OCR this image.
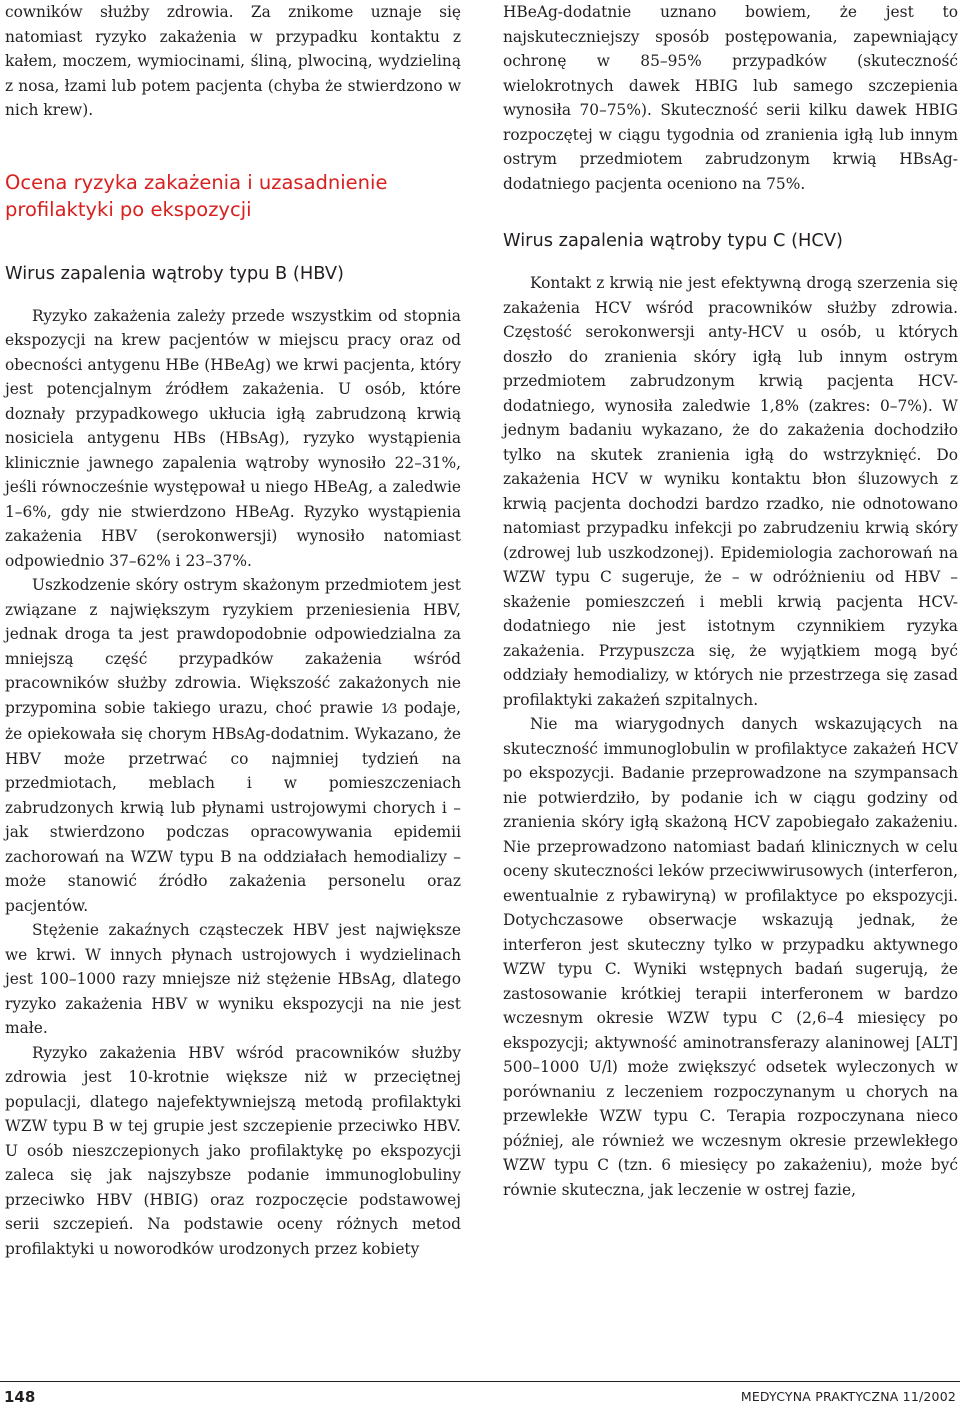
cowników służby zdrowia. Za znikome uznaje się natomiast ryzyko zakażenia w przypadku kontaktu z kałem, moczem, wymiocinami, śliną, plwociną, wydzieliną z nosa, łzami lub potem pacjenta (chyba że stwierdzono w nich krew).

Ocena ryzyka zakażenia i uzasadnienie profilaktyki po ekspozycji
Wirus zapalenia wątroby typu B (HBV)

Ryzyko zakażenia zależy przede wszystkim od stopnia ekspozycji na krew pacjentów w miejscu pracy oraz od obecności antygenu HBe (HBeAg) we krwi pacjenta, który jest potencjalnym źródłem zakażenia. U osób, które doznały przypadkowego ukłucia igłą zabrudzoną krwią nosiciela antygenu HBs (HBsAg), ryzyko wystąpienia klinicznie jawnego zapalenia wątroby wynosiło 22–31%, jeśli równocześnie występował u niego HBeAg, a zaledwie 1–6%, gdy nie stwierdzono HBeAg. Ryzyko wystąpienia zakażenia HBV (serokonwersji) wynosiło natomiast odpowiednio 37–62% i 23–37%.

Uszkodzenie skóry ostrym skażonym przedmiotem jest związane z największym ryzykiem przeniesienia HBV, jednak droga ta jest prawdopodobnie odpowiedzialna za mniejszą część przypadków zakażenia wśród pracowników służby zdrowia. Większość zakażonych nie przypomina sobie takiego urazu, choć prawie 1⁄3 podaje, że opiekowała się chorym HBsAg-dodatnim. Wykazano, że HBV może przetrwać co najmniej tydzień na przedmiotach, meblach i w pomieszczeniach zabrudzonych krwią lub płynami ustrojowymi chorych i – jak stwierdzono podczas opracowywania epidemii zachorowań na WZW typu B na oddziałach hemodializy – może stanowić źródło zakażenia personelu oraz pacjentów.

Stężenie zakaźnych cząsteczek HBV jest największe we krwi. W innych płynach ustrojowych i wydzielinach jest 100–1000 razy mniejsze niż stężenie HBsAg, dlatego ryzyko zakażenia HBV w wyniku ekspozycji na nie jest małe.

Ryzyko zakażenia HBV wśród pracowników służby zdrowia jest 10-krotnie większe niż w przeciętnej populacji, dlatego najefektywniejszą metodą profilaktyki WZW typu B w tej grupie jest szczepienie przeciwko HBV. U osób nieszczepionych jako profilaktykę po ekspozycji zaleca się jak najszybsze podanie immunoglobuliny przeciwko HBV (HBIG) oraz rozpoczęcie podstawowej serii szczepień. Na podstawie oceny różnych metod profilaktyki u noworodków urodzonych przez kobiety

HBeAg-dodatnie uznano bowiem, że jest to najskuteczniejszy sposób postępowania, zapewniający ochronę w 85–95% przypadków (skuteczność wielokrotnych dawek HBIG lub samego szczepienia wynosiła 70–75%). Skuteczność serii kilku dawek HBIG rozpoczętej w ciągu tygodnia od zranienia igłą lub innym ostrym przedmiotem zabrudzonym krwią HBsAg-dodatniego pacjenta oceniono na 75%.

Wirus zapalenia wątroby typu C (HCV)

Kontakt z krwią nie jest efektywną drogą szerzenia się zakażenia HCV wśród pracowników służby zdrowia. Częstość serokonwersji anty-HCV u osób, u których doszło do zranienia skóry igłą lub innym ostrym przedmiotem zabrudzonym krwią pacjenta HCV-dodatniego, wynosiła zaledwie 1,8% (zakres: 0–7%). W jednym badaniu wykazano, że do zakażenia dochodziło tylko na skutek zranienia igłą do wstrzyknięć. Do zakażenia HCV w wyniku kontaktu błon śluzowych z krwią pacjenta dochodzi bardzo rzadko, nie odnotowano natomiast przypadku infekcji po zabrudzeniu krwią skóry (zdrowej lub uszkodzonej). Epidemiologia zachorowań na WZW typu C sugeruje, że – w odróżnieniu od HBV – skażenie pomieszczeń i mebli krwią pacjenta HCV-dodatniego nie jest istotnym czynnikiem ryzyka zakażenia. Przypuszcza się, że wyjątkiem mogą być oddziały hemodializy, w których nie przestrzega się zasad profilaktyki zakażeń szpitalnych.

Nie ma wiarygodnych danych wskazujących na skuteczność immunoglobulin w profilaktyce zakażeń HCV po ekspozycji. Badanie przeprowadzone na szympansach nie potwierdziło, by podanie ich w ciągu godziny od zranienia skóry igłą skażoną HCV zapobiegało zakażeniu. Nie przeprowadzono natomiast badań klinicznych w celu oceny skuteczności leków przeciwwirusowych (interferon, ewentualnie z rybawiryną) w profilaktyce po ekspozycji. Dotychczasowe obserwacje wskazują jednak, że interferon jest skuteczny tylko w przypadku aktywnego WZW typu C. Wyniki wstępnych badań sugerują, że zastosowanie krótkiej terapii interferonem w bardzo wczesnym okresie WZW typu C (2,6–4 miesięcy po ekspozycji; aktywność aminotransferazy alaninowej [ALT] 500–1000 U/l) może zwiększyć odsetek wyleczonych w porównaniu z leczeniem rozpoczynanym u chorych na przewlekłe WZW typu C. Terapia rozpoczynana nieco później, ale również we wczesnym okresie przewlekłego WZW typu C (tzn. 6 miesięcy po zakażeniu), może być równie skuteczna, jak leczenie w ostrej fazie,

148	MEDYCYNA PRAKTYCZNA 11/2002
